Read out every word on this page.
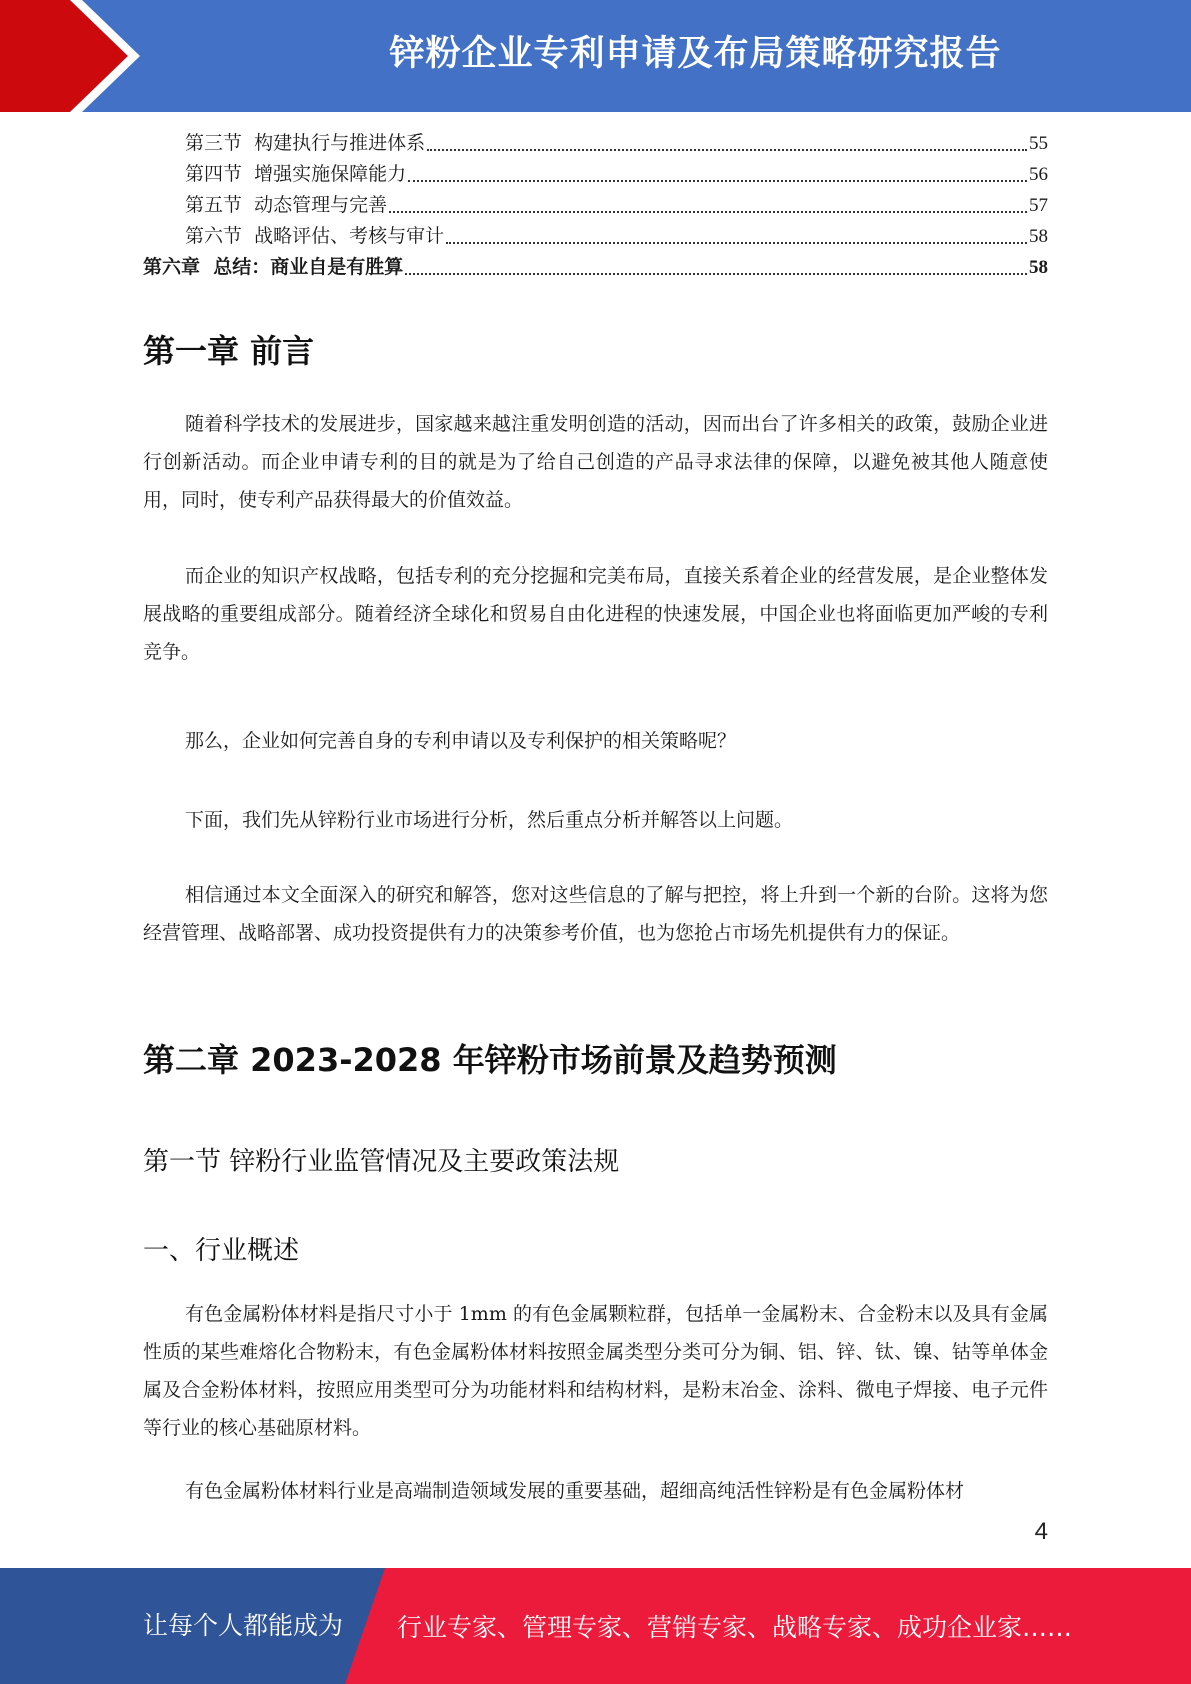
锌粉企业专利申请及布局策略研究报告
第三节  构建执行与推进体系	55
第四节  增强实施保障能力	56
第五节  动态管理与完善	57
第六节  战略评估、考核与审计	58
第六章  总结：商业自是有胜算	58
第一章 前言

随着科学技术的发展进步，国家越来越注重发明创造的活动，因而出台了许多相关的政策，鼓励企业进行创新活动。而企业申请专利的目的就是为了给自己创造的产品寻求法律的保障，以避免被其他人随意使用，同时，使专利产品获得最大的价值效益。

而企业的知识产权战略，包括专利的充分挖掘和完美布局，直接关系着企业的经营发展，是企业整体发展战略的重要组成部分。随着经济全球化和贸易自由化进程的快速发展，中国企业也将面临更加严峻的专利竞争。

那么，企业如何完善自身的专利申请以及专利保护的相关策略呢？

下面，我们先从锌粉行业市场进行分析，然后重点分析并解答以上问题。

相信通过本文全面深入的研究和解答，您对这些信息的了解与把控，将上升到一个新的台阶。这将为您经营管理、战略部署、成功投资提供有力的决策参考价值，也为您抢占市场先机提供有力的保证。

第二章 2023-2028 年锌粉市场前景及趋势预测
第一节 锌粉行业监管情况及主要政策法规
一、行业概述

有色金属粉体材料是指尺寸小于 1mm 的有色金属颗粒群，包括单一金属粉末、合金粉末以及具有金属性质的某些难熔化合物粉末，有色金属粉体材料按照金属类型分类可分为铜、铝、锌、钛、镍、钴等单体金属及合金粉体材料，按照应用类型可分为功能材料和结构材料，是粉末冶金、涂料、微电子焊接、电子元件等行业的核心基础原材料。

有色金属粉体材料行业是高端制造领域发展的重要基础，超细高纯活性锌粉是有色金属粉体材

4
让每个人都能成为 行业专家、管理专家、营销专家、战略专家、成功企业家……
